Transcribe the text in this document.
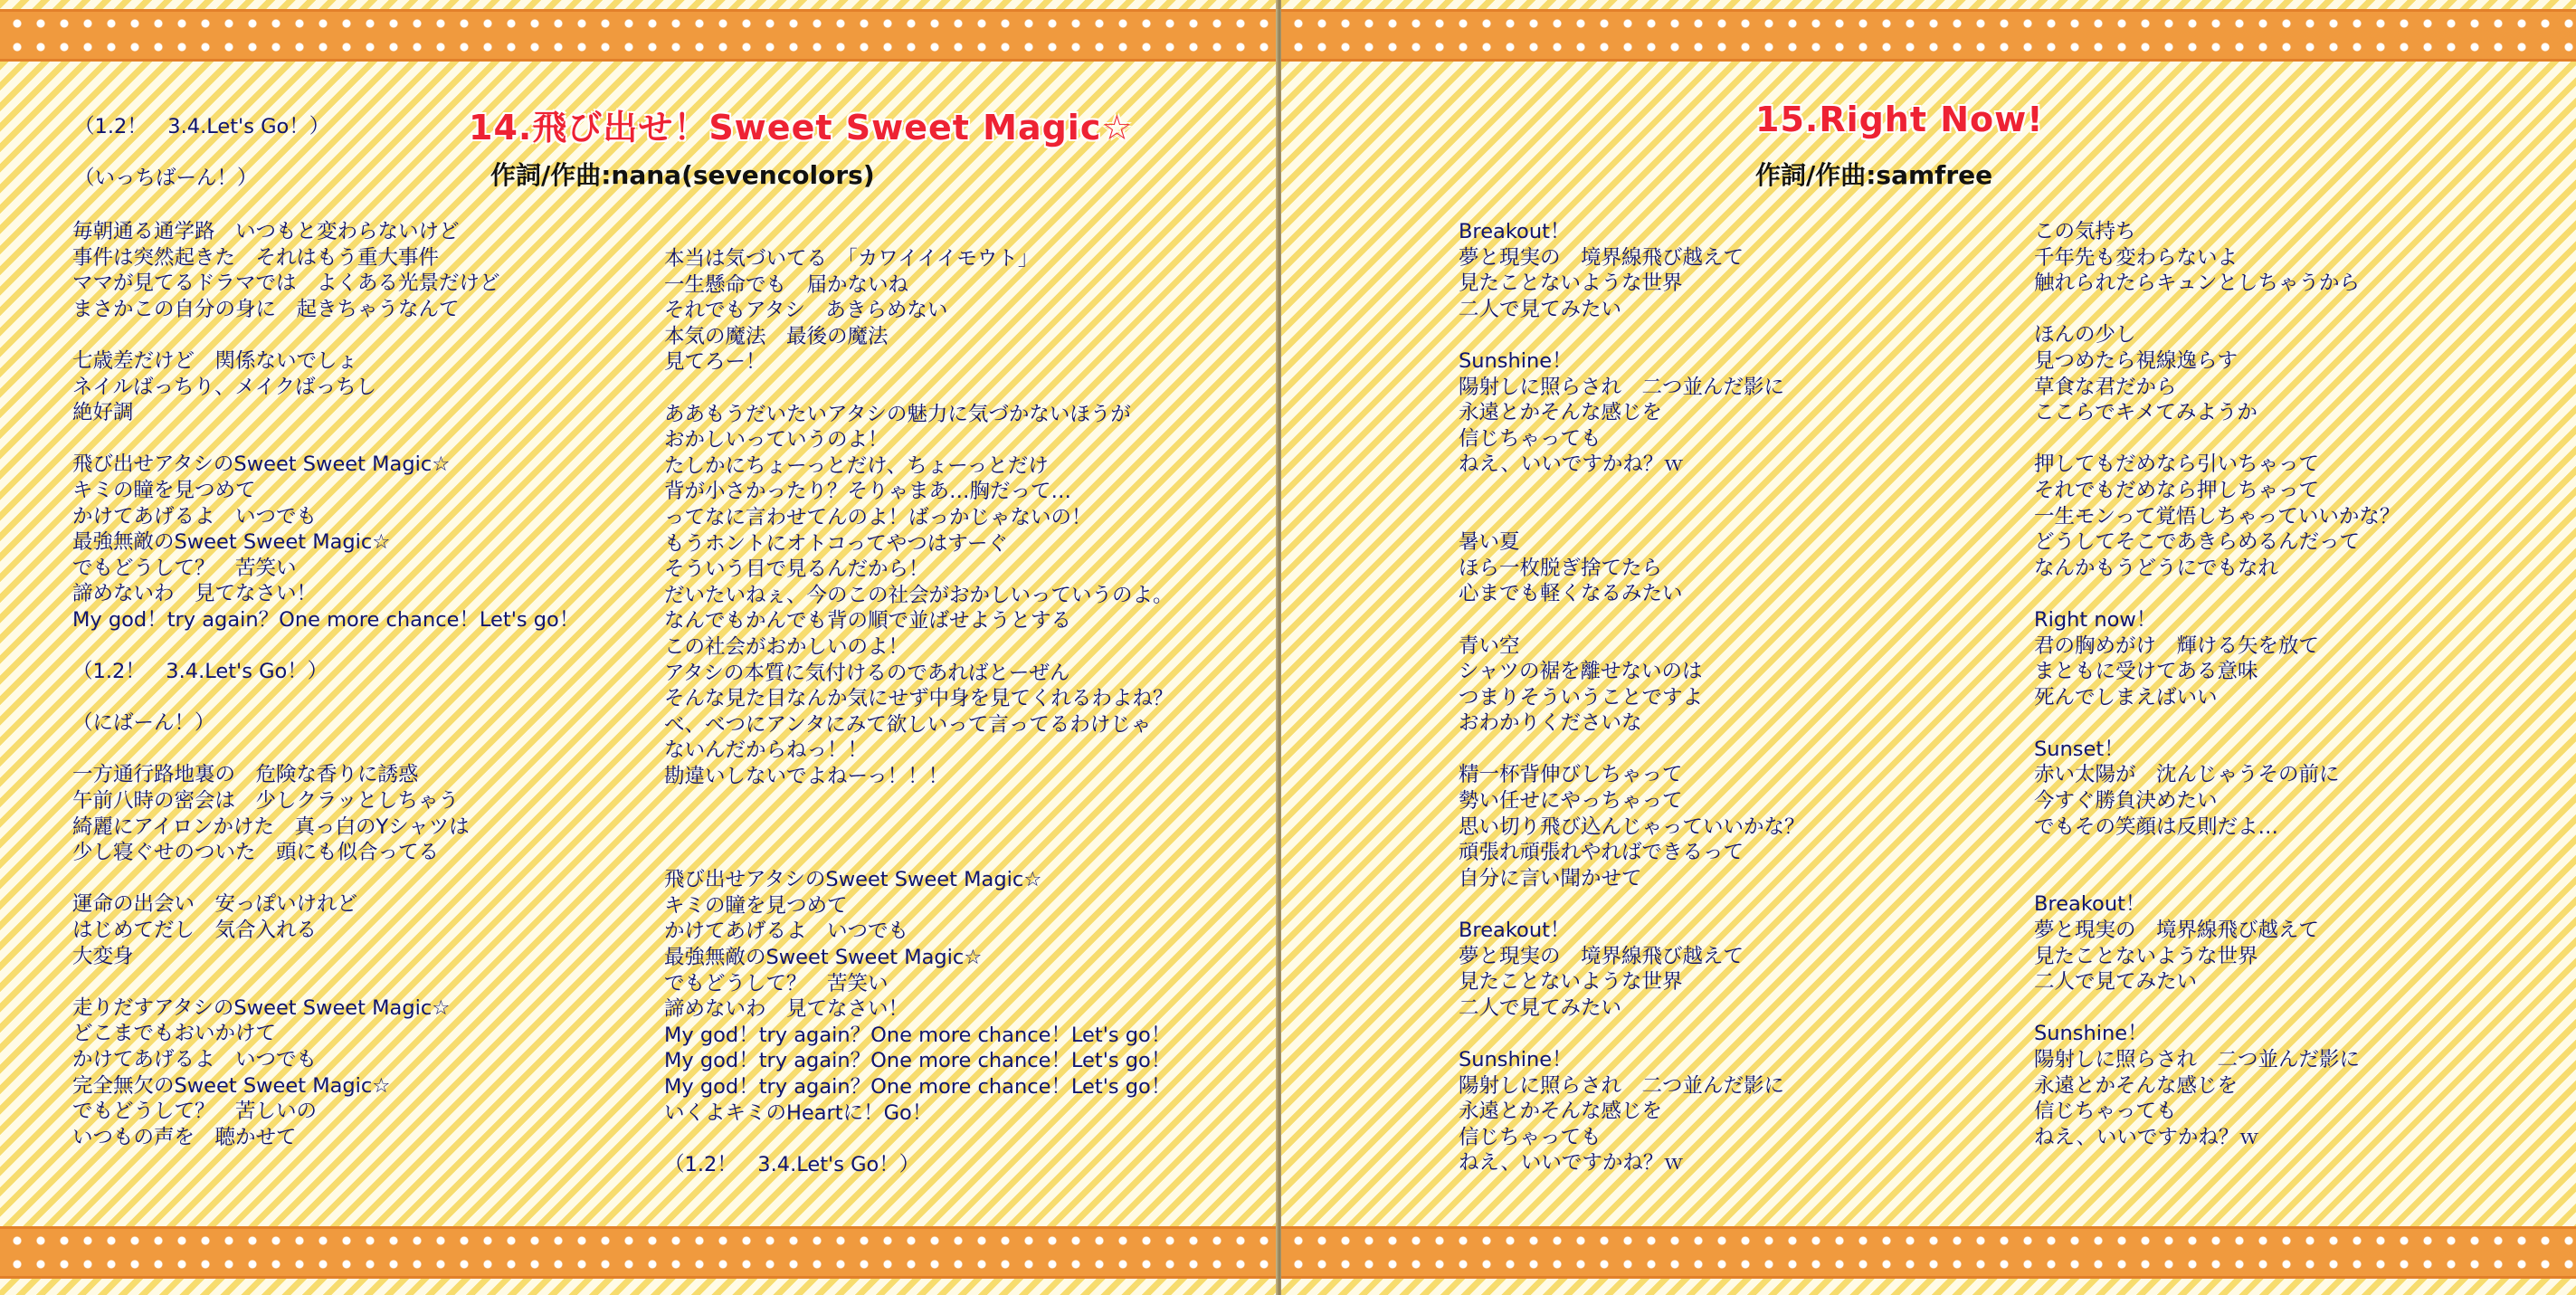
14.飛び出せ！Sweet Sweet Magic☆
作詞/作曲:nana(sevencolors)
（1.2！　3.4.Let's Go！）

（いっちばーん！）
毎朝通る通学路　いつもと変わらないけど
事件は突然起きた　それはもう重大事件
ママが見てるドラマでは　よくある光景だけど
まさかこの自分の身に　起きちゃうなんて

七歳差だけど　関係ないでしょ
ネイルばっちり、メイクばっちし
絶好調

飛び出せアタシのSweet Sweet Magic☆
キミの瞳を見つめて
かけてあげるよ　いつでも
最強無敵のSweet Sweet Magic☆
でもどうして？　苦笑い
諦めないわ　見てなさい！
My god！try again？One more chance！Let's go！

（1.2！　3.4.Let's Go！）

（にばーん！）

一方通行路地裏の　危険な香りに誘惑
午前八時の密会は　少しクラッとしちゃう
綺麗にアイロンかけた　真っ白のYシャツは
少し寝ぐせのついた　頭にも似合ってる

運命の出会い　安っぽいけれど
はじめてだし　気合入れる
大変身

走りだすアタシのSweet Sweet Magic☆
どこまでもおいかけて
かけてあげるよ　いつでも
完全無欠のSweet Sweet Magic☆
でもどうして？　苦しいの
いつもの声を　聴かせて
本当は気づいてる　「カワイイイモウト」
一生懸命でも　届かないね
それでもアタシ　あきらめない
本気の魔法　最後の魔法
見てろー！

ああもうだいたいアタシの魅力に気づかないほうが
おかしいっていうのよ！
たしかにちょーっとだけ、ちょーっとだけ
背が小さかったり？そりゃまあ…胸だって…
ってなに言わせてんのよ！ばっかじゃないの！
もうホントにオトコってやつはすーぐ
そういう目で見るんだから！
だいたいねぇ、今のこの社会がおかしいっていうのよ。
なんでもかんでも背の順で並ばせようとする
この社会がおかしいのよ！
アタシの本質に気付けるのであればとーぜん
そんな見た目なんか気にせず中身を見てくれるわよね？
べ、べつにアンタにみて欲しいって言ってるわけじゃ
ないんだからねっ！！
勘違いしないでよねーっ！！！

飛び出せアタシのSweet Sweet Magic☆
キミの瞳を見つめて
かけてあげるよ　いつでも
最強無敵のSweet Sweet Magic☆
でもどうして？　苦笑い
諦めないわ　見てなさい！
My god！try again？One more chance！Let's go！
My god！try again？One more chance！Let's go！
My god！try again？One more chance！Let's go！
いくよキミのHeartに！Go！

（1.2！　3.4.Let's Go！）
15.Right Now!
作詞/作曲:samfree
Breakout！
夢と現実の　境界線飛び越えて
見たことないような世界
二人で見てみたい

Sunshine！
陽射しに照らされ　二つ並んだ影に
永遠とかそんな感じを
信じちゃっても
ねえ、いいですかね？ｗ

暑い夏
ほら一枚脱ぎ捨てたら
心までも軽くなるみたい

青い空
シャツの裾を離せないのは
つまりそういうことですよ
おわかりくださいな

精一杯背伸びしちゃって
勢い任せにやっちゃって
思い切り飛び込んじゃっていいかな？
頑張れ頑張れやればできるって
自分に言い聞かせて

Breakout！
夢と現実の　境界線飛び越えて
見たことないような世界
二人で見てみたい

Sunshine！
陽射しに照らされ　二つ並んだ影に
永遠とかそんな感じを
信じちゃっても
ねえ、いいですかね？ｗ
この気持ち
千年先も変わらないよ
触れられたらキュンとしちゃうから

ほんの少し
見つめたら視線逸らす
草食な君だから
ここらでキメてみようか

押してもだめなら引いちゃって
それでもだめなら押しちゃって
一生モンって覚悟しちゃっていいかな？
どうしてそこであきらめるんだって
なんかもうどうにでもなれ

Right now！
君の胸めがけ　輝ける矢を放て
まともに受けてある意味
死んでしまえばいい

Sunset！
赤い太陽が　沈んじゃうその前に
今すぐ勝負決めたい
でもその笑顔は反則だよ…

Breakout！
夢と現実の　境界線飛び越えて
見たことないような世界
二人で見てみたい

Sunshine！
陽射しに照らされ　二つ並んだ影に
永遠とかそんな感じを
信じちゃっても
ねえ、いいですかね？ｗ
